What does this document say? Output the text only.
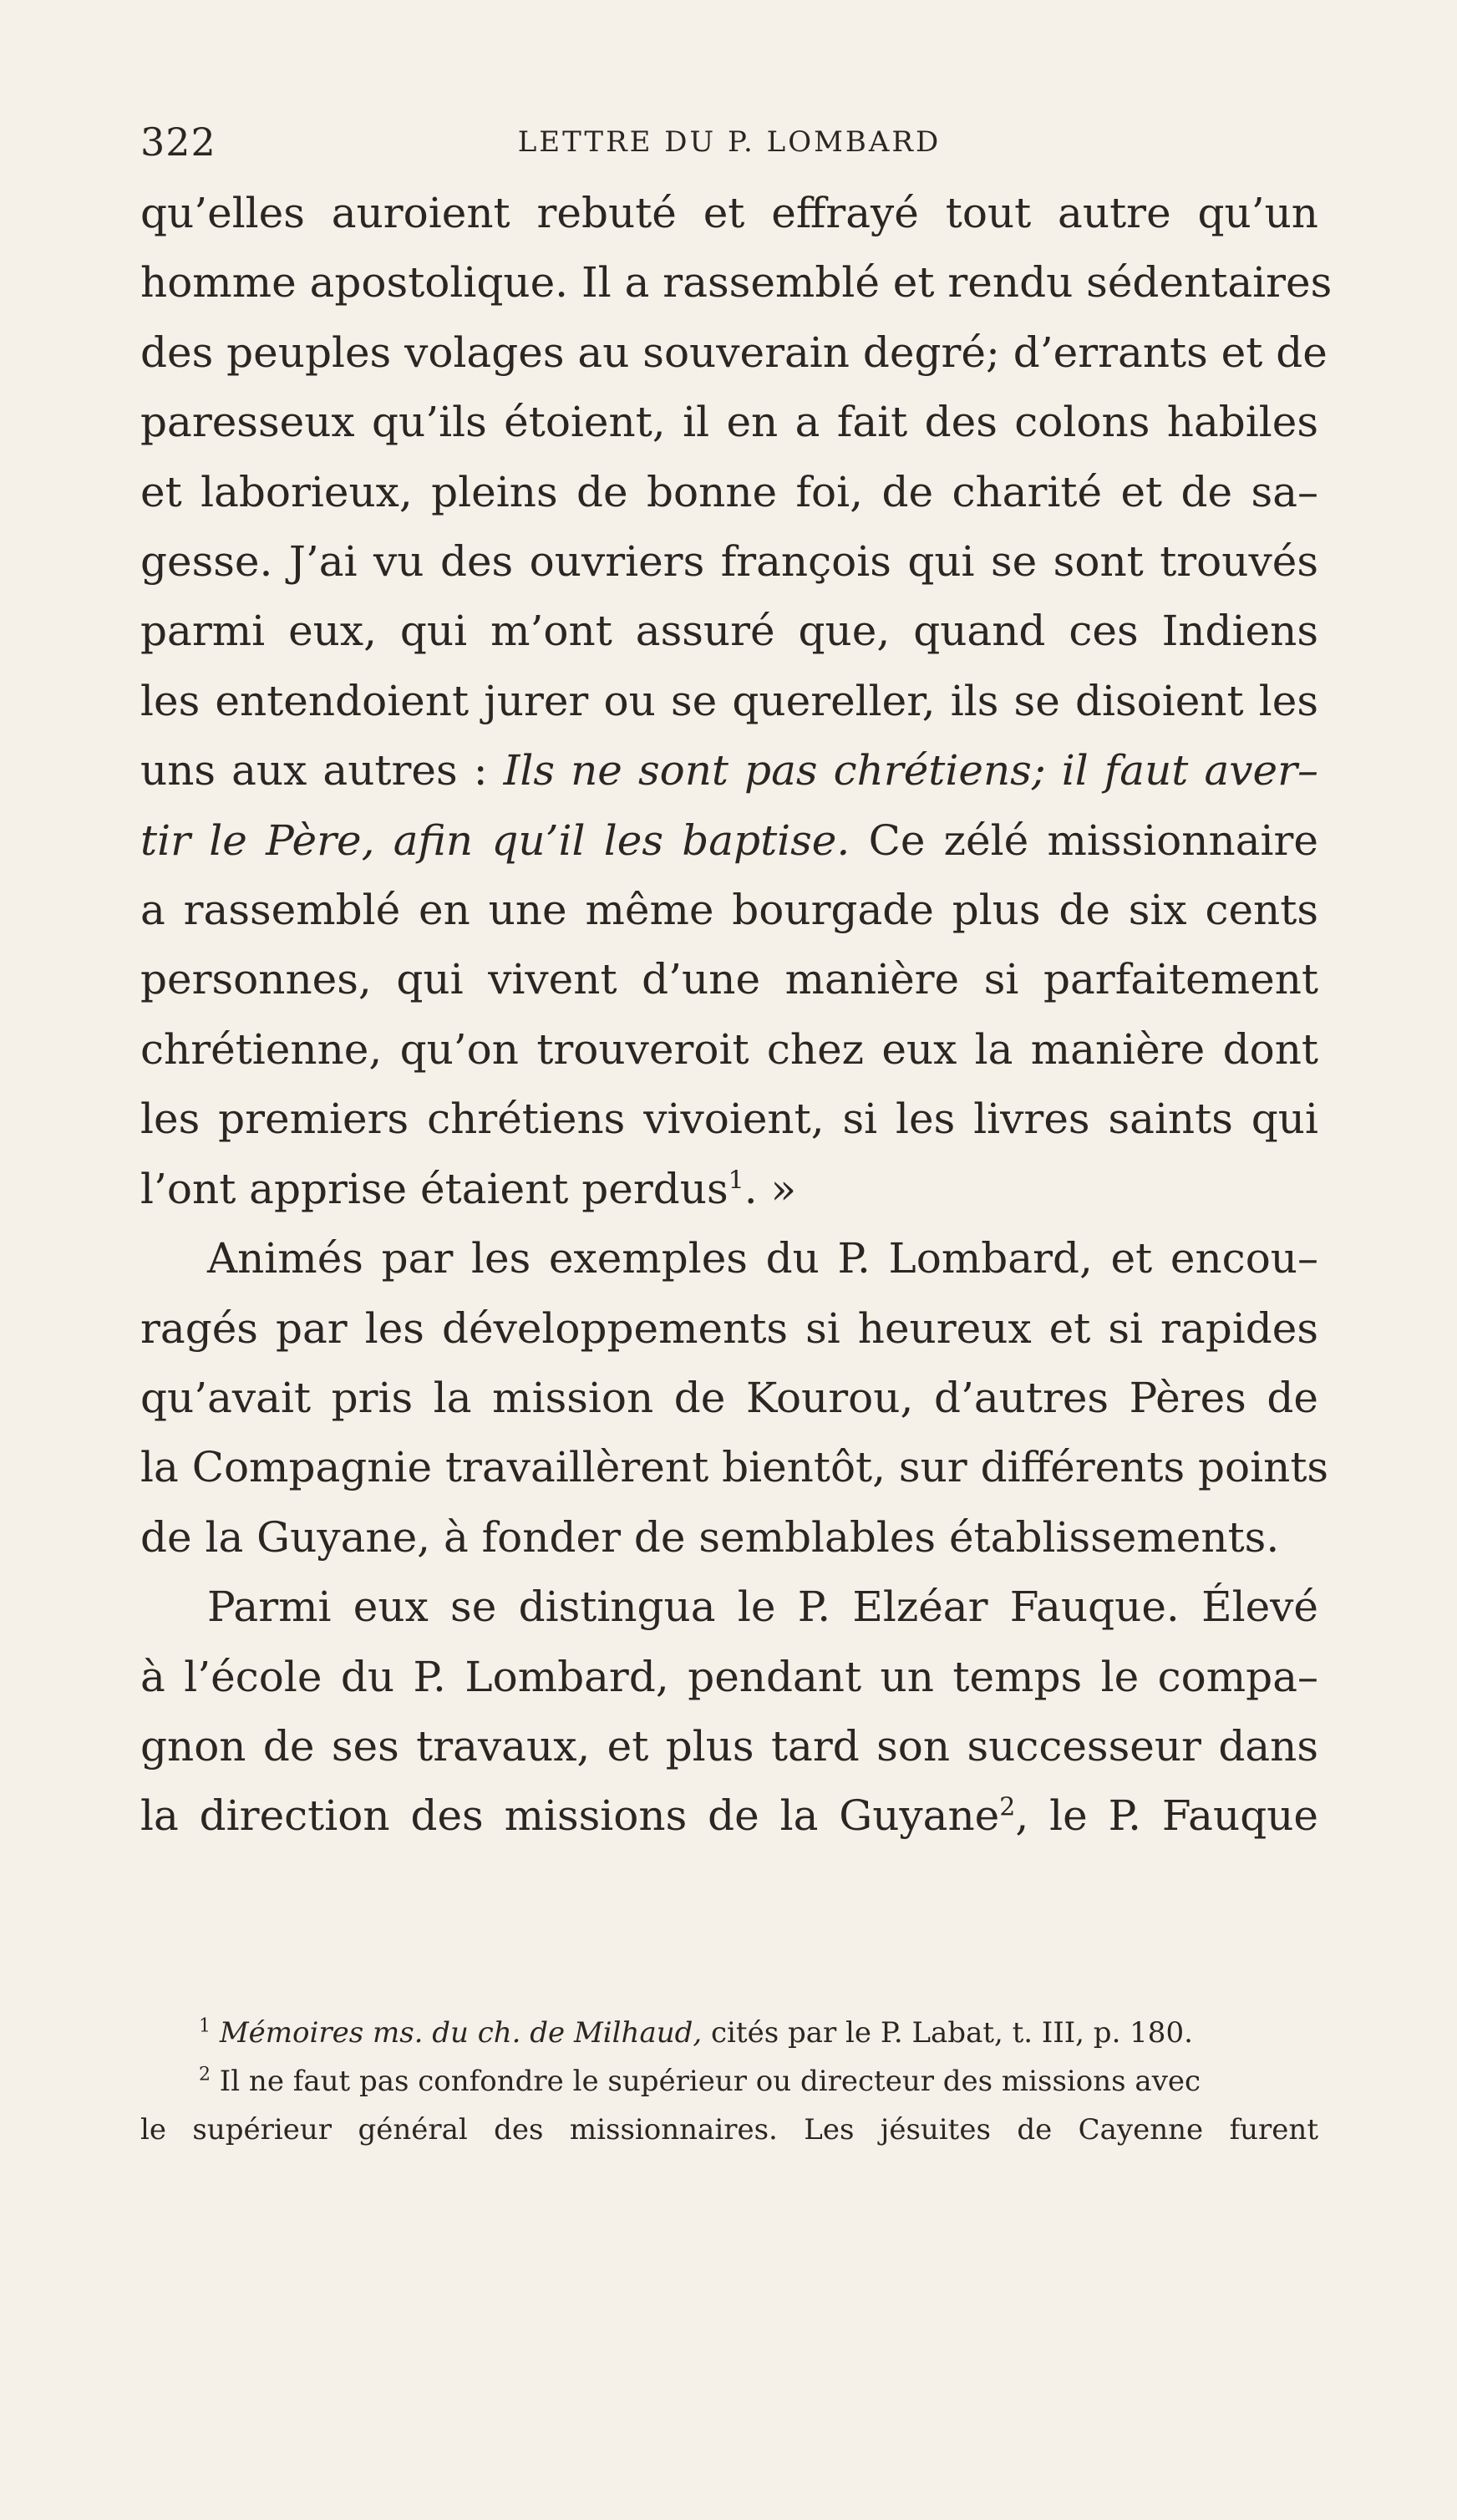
322	LETTRE DU P. LOMBARD
qu’elles auroient rebuté et effrayé tout autre qu’un
homme apostolique. Il a rassemblé et rendu sédentaires
des peuples volages au souverain degré; d’errants et de
paresseux qu’ils étoient, il en a fait des colons habiles
et laborieux, pleins de bonne foi, de charité et de sa–
gesse. J’ai vu des ouvriers françois qui se sont trouvés
parmi eux, qui m’ont assuré que, quand ces Indiens
les entendoient jurer ou se quereller, ils se disoient les
uns aux autres : Ils ne sont pas chrétiens; il faut aver–
tir le Père, afin qu’il les baptise. Ce zélé missionnaire
a rassemblé en une même bourgade plus de six cents
personnes, qui vivent d’une manière si parfaitement
chrétienne, qu’on trouveroit chez eux la manière dont
les premiers chrétiens vivoient, si les livres saints qui
l’ont apprise étaient perdus$^1$. »
Animés par les exemples du P. Lombard, et encou–
ragés par les développements si heureux et si rapides
qu’avait pris la mission de Kourou, d’autres Pères de
la Compagnie travaillèrent bientôt, sur différents points
de la Guyane, à fonder de semblables établissements.
Parmi eux se distingua le P. Elzéar Fauque. Élevé
à l’école du P. Lombard, pendant un temps le compa–
gnon de ses travaux, et plus tard son successeur dans
la direction des missions de la Guyane$^2$, le P. Fauque
$^1$ Mémoires ms. du ch. de Milhaud, cités par le P. Labat, t. III, p. 180.
$^2$ Il ne faut pas confondre le supérieur ou directeur des missions avec
le supérieur général des missionnaires. Les jésuites de Cayenne furent
